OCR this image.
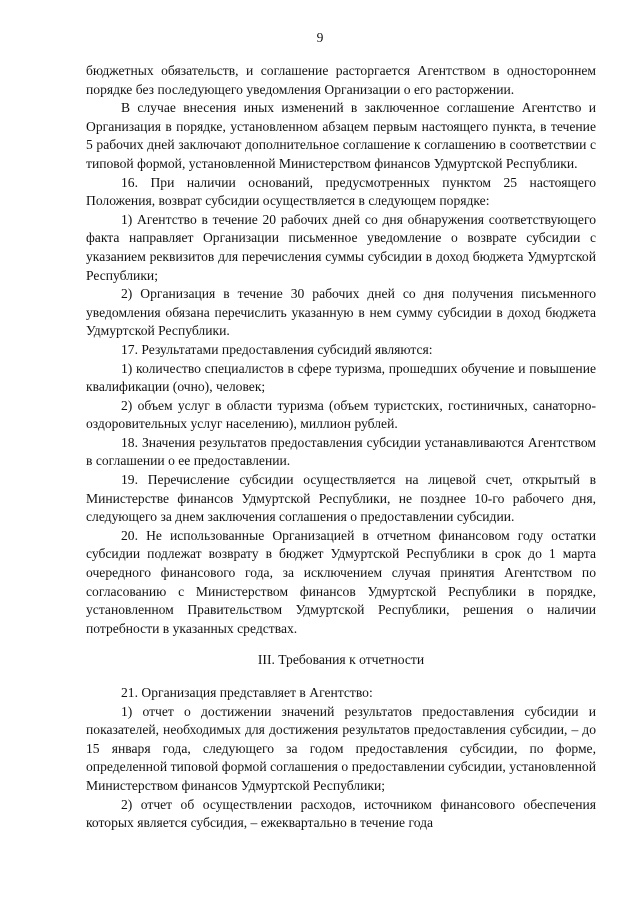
9

бюджетных обязательств, и соглашение расторгается Агентством в одностороннем порядке без последующего уведомления Организации о его расторжении.

В случае внесения иных изменений в заключенное соглашение Агентство и Организация в порядке, установленном абзацем первым настоящего пункта, в течение 5 рабочих дней заключают дополнительное соглашение к соглашению в соответствии с типовой формой, установленной Министерством финансов Удмуртской Республики.

16. При наличии оснований, предусмотренных пунктом 25 настоящего Положения, возврат субсидии осуществляется в следующем порядке:

1) Агентство в течение 20 рабочих дней со дня обнаружения соответствующего факта направляет Организации письменное уведомление о возврате субсидии с указанием реквизитов для перечисления суммы субсидии в доход бюджета Удмуртской Республики;

2) Организация в течение 30 рабочих дней со дня получения письменного уведомления обязана перечислить указанную в нем сумму субсидии в доход бюджета Удмуртской Республики.

17. Результатами предоставления субсидий являются:

1) количество специалистов в сфере туризма, прошедших обучение и повышение квалификации (очно), человек;

2) объем услуг в области туризма (объем туристских, гостиничных, санаторно-оздоровительных услуг населению), миллион рублей.

18. Значения результатов предоставления субсидии устанавливаются Агентством в соглашении о ее предоставлении.

19. Перечисление субсидии осуществляется на лицевой счет, открытый в Министерстве финансов Удмуртской Республики, не позднее 10-го рабочего дня, следующего за днем заключения соглашения о предоставлении субсидии.

20. Не использованные Организацией в отчетном финансовом году остатки субсидии подлежат возврату в бюджет Удмуртской Республики в срок до 1 марта очередного финансового года, за исключением случая принятия Агентством по согласованию с Министерством финансов Удмуртской Республики в порядке, установленном Правительством Удмуртской Республики, решения о наличии потребности в указанных средствах.

III. Требования к отчетности

21. Организация представляет в Агентство:

1) отчет о достижении значений результатов предоставления субсидии и показателей, необходимых для достижения результатов предоставления субсидии, – до 15 января года, следующего за годом предоставления субсидии, по форме, определенной типовой формой соглашения о предоставлении субсидии, установленной Министерством финансов Удмуртской Республики;

2) отчет об осуществлении расходов, источником финансового обеспечения которых является субсидия, – ежеквартально в течение года
